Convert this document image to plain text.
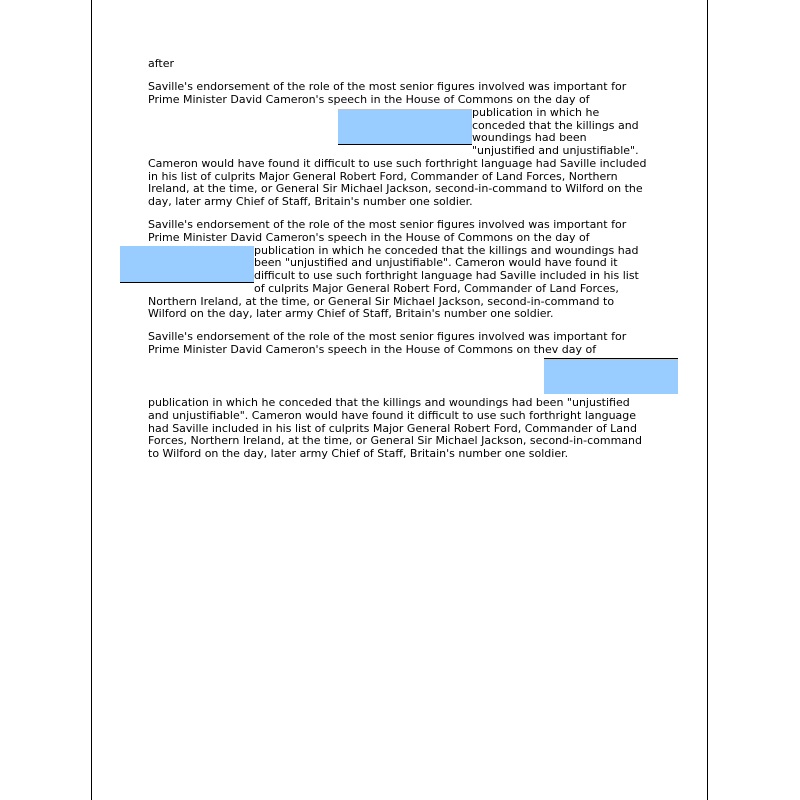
after
Saville's endorsement of the role of the most senior figures involved was important for
Prime Minister David Cameron's speech in the House of Commons on the day of
publication in which he
conceded that the killings and
woundings had been
"unjustified and unjustifiable".
Cameron would have found it difficult to use such forthright language had Saville included
in his list of culprits Major General Robert Ford, Commander of Land Forces, Northern
Ireland, at the time, or General Sir Michael Jackson, second-in-command to Wilford on the
day, later army Chief of Staff, Britain's number one soldier.
Saville's endorsement of the role of the most senior figures involved was important for
Prime Minister David Cameron's speech in the House of Commons on the day of
publication in which he conceded that the killings and woundings had
been "unjustified and unjustifiable". Cameron would have found it
difficult to use such forthright language had Saville included in his list
of culprits Major General Robert Ford, Commander of Land Forces,
Northern Ireland, at the time, or General Sir Michael Jackson, second-in-command to
Wilford on the day, later army Chief of Staff, Britain's number one soldier.
Saville's endorsement of the role of the most senior figures involved was important for
Prime Minister David Cameron's speech in the House of Commons on thev day of
publication in which he conceded that the killings and woundings had been "unjustified
and unjustifiable". Cameron would have found it difficult to use such forthright language
had Saville included in his list of culprits Major General Robert Ford, Commander of Land
Forces, Northern Ireland, at the time, or General Sir Michael Jackson, second-in-command
to Wilford on the day, later army Chief of Staff, Britain's number one soldier.
